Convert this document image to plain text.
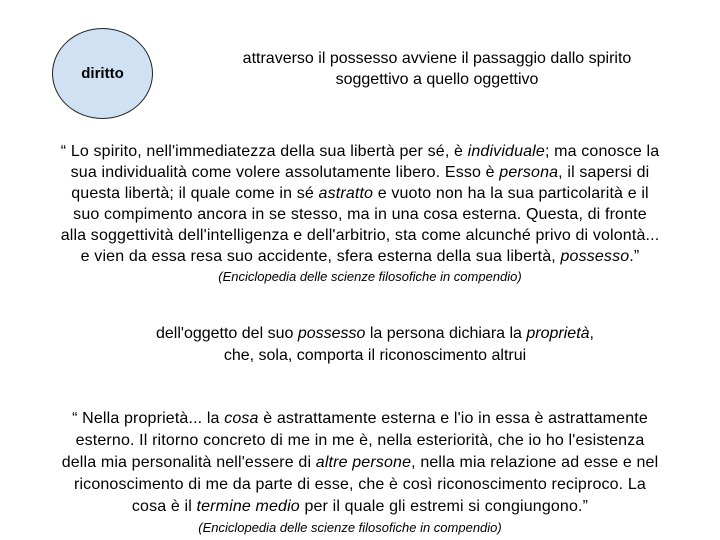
diritto
attraverso il possesso avviene il passaggio dallo spirito
soggettivo a quello oggettivo
“ Lo spirito, nell'immediatezza della sua libertà per sé, è individuale; ma conosce la
sua individualità come volere assolutamente libero. Esso è persona, il sapersi di
questa libertà; il quale come in sé astratto e vuoto non ha la sua particolarità e il
suo compimento ancora in se stesso, ma in una cosa esterna. Questa, di fronte
alla soggettività dell'intelligenza e dell'arbitrio, sta come alcunché privo di volontà...
e vien da essa resa suo accidente, sfera esterna della sua libertà, possesso.”
(Enciclopedia delle scienze filosofiche in compendio)
dell'oggetto del suo possesso la persona dichiara la proprietà,
che, sola, comporta il riconoscimento altrui
“ Nella proprietà... la cosa è astrattamente esterna e l'io in essa è astrattamente
esterno. Il ritorno concreto di me in me è, nella esteriorità, che io ho l'esistenza
della mia personalità nell'essere di altre persone, nella mia relazione ad esse e nel
riconoscimento di me da parte di esse, che è così riconoscimento reciproco. La
cosa è il termine medio per il quale gli estremi si congiungono.”
(Enciclopedia delle scienze filosofiche in compendio)
